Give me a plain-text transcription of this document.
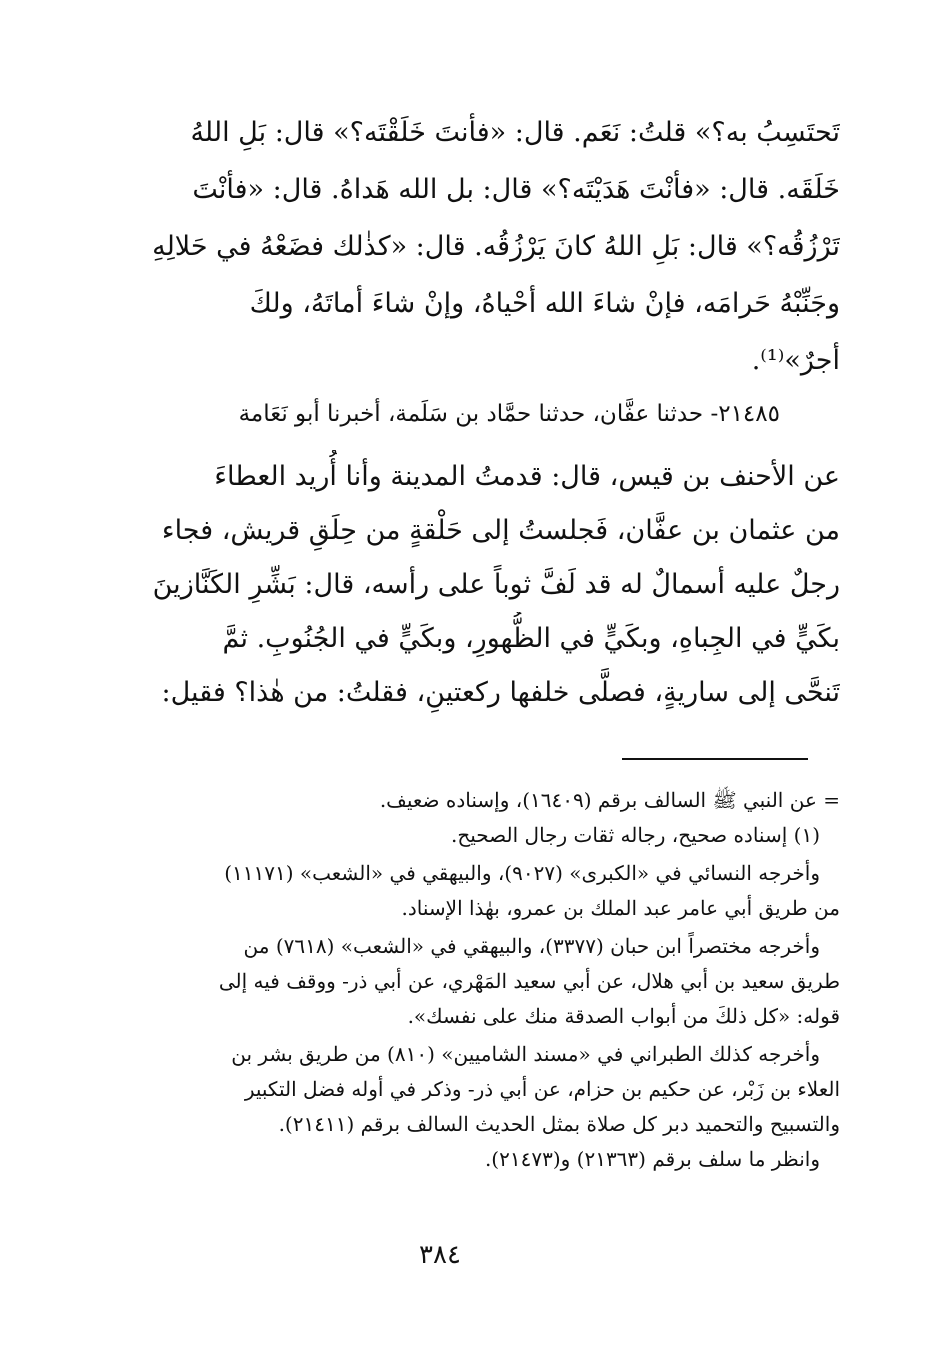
تَحتَسِبُ به؟» قلتُ: نَعَم. قال: «فأنتَ خَلَقْتَه؟» قال: بَلِ اللهُ
خَلَقَه. قال: «فأنْتَ هَدَيْتَه؟» قال: بل الله هَداهُ. قال: «فأنْتَ
تَرْزُقُه؟» قال: بَلِ اللهُ كانَ يَرْزُقُه. قال: «كذٰلك فضَعْهُ في حَلالِهِ
وجَنِّبْهُ حَرامَه، فإنْ شاءَ الله أحْياهُ، وإنْ شاءَ أماتَهُ، ولكَ
أجرٌ»⁽¹⁾.
٢١٤٨٥- حدثنا عفَّان، حدثنا حمَّاد بن سَلَمة، أخبرنا أبو نَعَامة
عن الأحنف بن قيس، قال: قدمتُ المدينة وأنا أُريد العطاءَ
من عثمان بن عفَّان، فَجلستُ إلى حَلْقةٍ من حِلَقِ قريش، فجاء
رجلٌ عليه أسمالٌ له قد لَفَّ ثوباً على رأسه، قال: بَشِّرِ الكَنَّازينَ
بكَيٍّ في الجِباهِ، وبكَيٍّ في الظُّهورِ، وبكَيٍّ في الجُنُوبِ. ثمَّ
تَنحَّى إلى ساريةٍ، فصلَّى خلفها ركعتينِ، فقلتُ: من هٰذا؟ فقيل:
= عن النبي ﷺ السالف برقم (١٦٤٠٩)، وإسناده ضعيف.
(١) إسناده صحيح، رجاله ثقات رجال الصحيح.
وأخرجه النسائي في «الكبرى» (٩٠٢٧)، والبيهقي في «الشعب» (١١١٧١)
من طريق أبي عامر عبد الملك بن عمرو، بهٰذا الإسناد.
وأخرجه مختصراً ابن حبان (٣٣٧٧)، والبيهقي في «الشعب» (٧٦١٨) من
طريق سعيد بن أبي هلال، عن أبي سعيد المَهْري، عن أبي ذر- ووقف فيه إلى
قوله: «كل ذلكَ من أبواب الصدقة منك على نفسك».
وأخرجه كذلك الطبراني في «مسند الشاميين» (٨١٠) من طريق بشر بن
العلاء بن زَبْر، عن حكيم بن حزام، عن أبي ذر- وذكر في أوله فضل التكبير
والتسبيح والتحميد دبر كل صلاة بمثل الحديث السالف برقم (٢١٤١١).
وانظر ما سلف برقم (٢١٣٦٣) و(٢١٤٧٣).
٣٨٤
